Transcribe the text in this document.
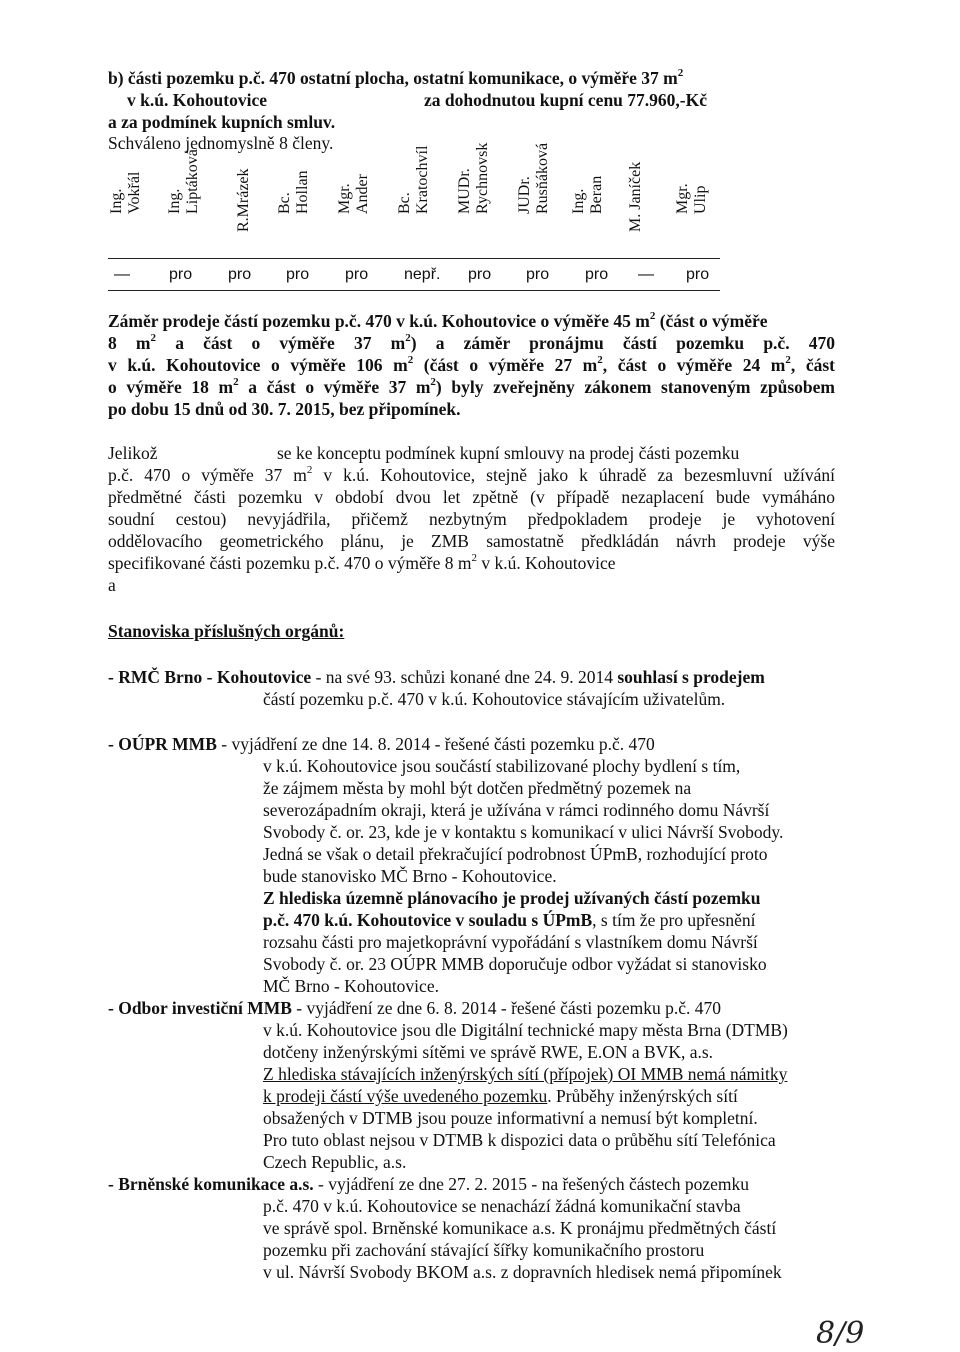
b) části pozemku p.č. 470 ostatní plocha, ostatní komunikace, o výměře 37 $m^2$
v k.ú. Kohoutovice	za dohodnutou kupní cenu 77.960,-Kč
a za podmínek kupních smluv.
Schváleno jednomyslně 8 členy.
Ing.
Vokřál Ing.
Liptáková R.Mrázek Bc.
Hollan Mgr.
Ander Bc.
Kratochvíl MUDr.
Rychnovsk JUDr.
Rusňáková Ing.
Beran M. Janíček Mgr.
Ulip
— pro pro pro pro nepř. pro pro pro — pro
Záměr prodeje částí pozemku p.č. 470 v k.ú. Kohoutovice o výměře 45 $m^2$ (část o výměře
8 $m^2$ a část o výměře 37 $m^2$) a záměr pronájmu částí pozemku p.č. 470
v k.ú. Kohoutovice o výměře 106 $m^2$ (část o výměře 27 $m^2$, část o výměře 24 $m^2$, část
o výměře 18 $m^2$ a část o výměře 37 $m^2$) byly zveřejněny zákonem stanoveným způsobem
po dobu 15 dnů od 30. 7. 2015, bez připomínek.
Jelikož	se ke konceptu podmínek kupní smlouvy na prodej části pozemku
p.č. 470 o výměře 37 $m^2$ v k.ú. Kohoutovice, stejně jako k úhradě za bezesmluvní užívání
předmětné části pozemku v období dvou let zpětně (v případě nezaplacení bude vymáháno
soudní cestou) nevyjádřila, přičemž nezbytným předpokladem prodeje je vyhotovení
oddělovacího geometrického plánu, je ZMB samostatně předkládán návrh prodeje výše
specifikované části pozemku p.č. 470 o výměře 8 $m^2$ v k.ú. Kohoutovice
a
Stanoviska příslušných orgánů:
- RMČ Brno - Kohoutovice - na své 93. schůzi konané dne 24. 9. 2014 souhlasí s prodejem
částí pozemku p.č. 470 v k.ú. Kohoutovice stávajícím uživatelům.
- OÚPR MMB - vyjádření ze dne 14. 8. 2014 - řešené části pozemku p.č. 470
v k.ú. Kohoutovice jsou součástí stabilizované plochy bydlení s tím,
že zájmem města by mohl být dotčen předmětný pozemek na
severozápadním okraji, která je užívána v rámci rodinného domu Návrší
Svobody č. or. 23, kde je v kontaktu s komunikací v ulici Návrší Svobody.
Jedná se však o detail překračující podrobnost ÚPmB, rozhodující proto
bude stanovisko MČ Brno - Kohoutovice.
Z hlediska územně plánovacího je prodej užívaných částí pozemku
p.č. 470 k.ú. Kohoutovice v souladu s ÚPmB, s tím že pro upřesnění
rozsahu části pro majetkoprávní vypořádání s vlastníkem domu Návrší
Svobody č. or. 23 OÚPR MMB doporučuje odbor vyžádat si stanovisko
MČ Brno - Kohoutovice.
- Odbor investiční MMB - vyjádření ze dne 6. 8. 2014 - řešené části pozemku p.č. 470
v k.ú. Kohoutovice jsou dle Digitální technické mapy města Brna (DTMB)
dotčeny inženýrskými sítěmi ve správě RWE, E.ON a BVK, a.s.
Z hlediska stávajících inženýrských sítí (přípojek) OI MMB nemá námitky
k prodeji částí výše uvedeného pozemku. Průběhy inženýrských sítí
obsažených v DTMB jsou pouze informativní a nemusí být kompletní.
Pro tuto oblast nejsou v DTMB k dispozici data o průběhu sítí Telefónica
Czech Republic, a.s.
- Brněnské komunikace a.s. - vyjádření ze dne 27. 2. 2015 - na řešených částech pozemku
p.č. 470 v k.ú. Kohoutovice se nenachází žádná komunikační stavba
ve správě spol. Brněnské komunikace a.s. K pronájmu předmětných částí
pozemku při zachování stávající šířky komunikačního prostoru
v ul. Návrší Svobody BKOM a.s. z dopravních hledisek nemá připomínek
8/9
